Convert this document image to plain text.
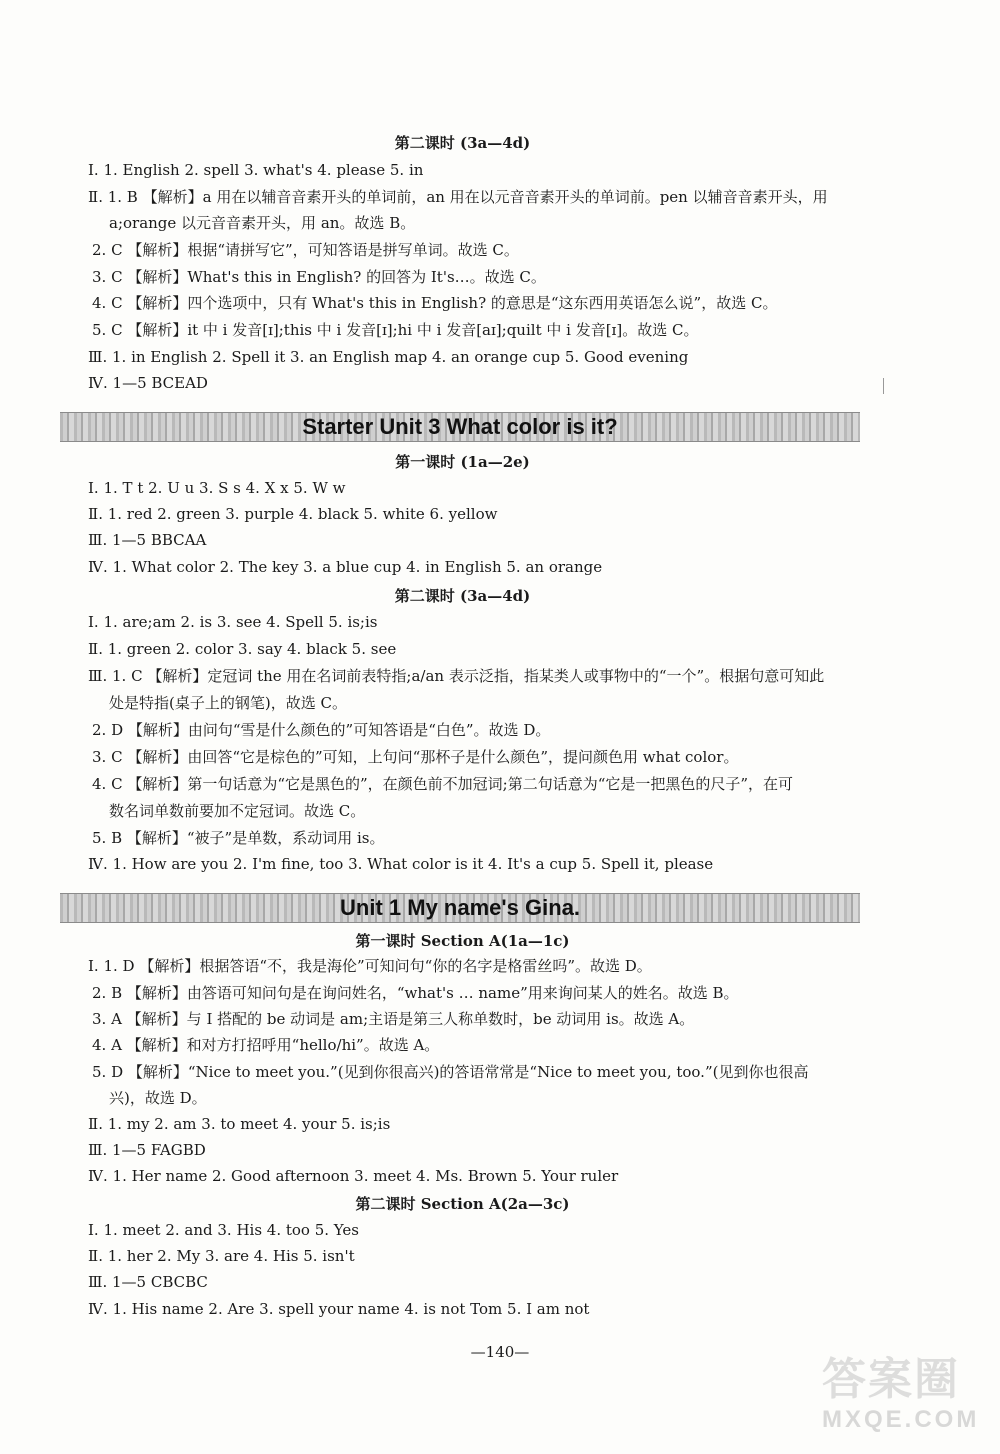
第二课时 (3a—4d)
Ⅰ. 1. English 2. spell 3. what's 4. please 5. in
Ⅱ. 1. B 【解析】a 用在以辅音音素开头的单词前，an 用在以元音音素开头的单词前。pen 以辅音音素开头，用
a;orange 以元音音素开头，用 an。故选 B。
2. C 【解析】根据“请拼写它”，可知答语是拼写单词。故选 C。
3. C 【解析】What's this in English? 的回答为 It's…。故选 C。
4. C 【解析】四个选项中，只有 What's this in English? 的意思是“这东西用英语怎么说”，故选 C。
5. C 【解析】it 中 i 发音[ɪ];this 中 i 发音[ɪ];hi 中 i 发音[aɪ];quilt 中 i 发音[ɪ]。故选 C。
Ⅲ. 1. in English 2. Spell it 3. an English map 4. an orange cup 5. Good evening
Ⅳ. 1—5 BCEAD
Starter Unit 3 What color is it?
第一课时 (1a—2e)
Ⅰ. 1. T t 2. U u 3. S s 4. X x 5. W w
Ⅱ. 1. red 2. green 3. purple 4. black 5. white 6. yellow
Ⅲ. 1—5 BBCAA
Ⅳ. 1. What color 2. The key 3. a blue cup 4. in English 5. an orange
第二课时 (3a—4d)
Ⅰ. 1. are;am 2. is 3. see 4. Spell 5. is;is
Ⅱ. 1. green 2. color 3. say 4. black 5. see
Ⅲ. 1. C 【解析】定冠词 the 用在名词前表特指;a/an 表示泛指，指某类人或事物中的“一个”。根据句意可知此
处是特指(桌子上的钢笔)，故选 C。
2. D 【解析】由问句“雪是什么颜色的”可知答语是“白色”。故选 D。
3. C 【解析】由回答“它是棕色的”可知，上句问“那杯子是什么颜色”，提问颜色用 what color。
4. C 【解析】第一句话意为“它是黑色的”，在颜色前不加冠词;第二句话意为“它是一把黑色的尺子”，在可
数名词单数前要加不定冠词。故选 C。
5. B 【解析】“被子”是单数，系动词用 is。
Ⅳ. 1. How are you 2. I'm fine, too 3. What color is it 4. It's a cup 5. Spell it, please
Unit 1 My name's Gina.
第一课时 Section A(1a—1c)
Ⅰ. 1. D 【解析】根据答语“不，我是海伦”可知问句“你的名字是格雷丝吗”。故选 D。
2. B 【解析】由答语可知问句是在询问姓名，“what's … name”用来询问某人的姓名。故选 B。
3. A 【解析】与 I 搭配的 be 动词是 am;主语是第三人称单数时，be 动词用 is。故选 A。
4. A 【解析】和对方打招呼用“hello/hi”。故选 A。
5. D 【解析】“Nice to meet you.”(见到你很高兴)的答语常常是“Nice to meet you, too.”(见到你也很高
兴)，故选 D。
Ⅱ. 1. my 2. am 3. to meet 4. your 5. is;is
Ⅲ. 1—5 FAGBD
Ⅳ. 1. Her name 2. Good afternoon 3. meet 4. Ms. Brown 5. Your ruler
第二课时 Section A(2a—3c)
Ⅰ. 1. meet 2. and 3. His 4. too 5. Yes
Ⅱ. 1. her 2. My 3. are 4. His 5. isn't
Ⅲ. 1—5 CBCBC
Ⅳ. 1. His name 2. Are 3. spell your name 4. is not Tom 5. I am not
—140—
答案圈
MXQE.COM
